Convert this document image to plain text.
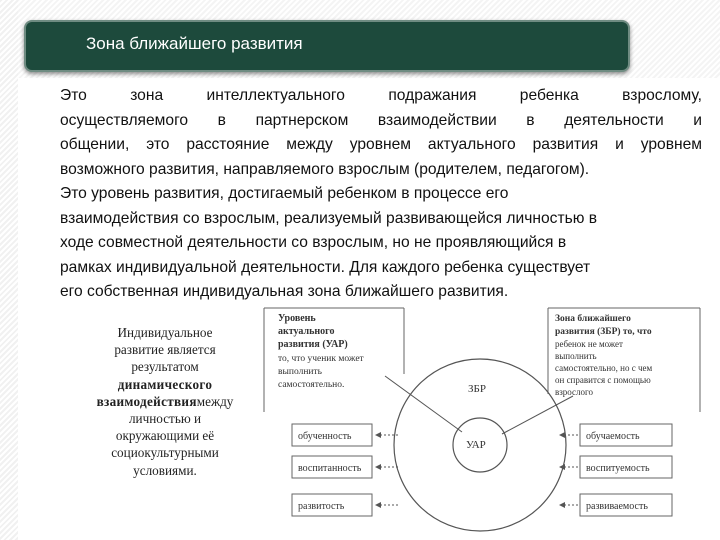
Зона ближайшего развития
Это зона интеллектуального подражания ребенка взрослому,
осуществляемого в партнерском взаимодействии в деятельности и
общении, это расстояние между уровнем актуального развития и уровнем
возможного развития, направляемого взрослым (родителем, педагогом).
Это уровень развития, достигаемый ребенком в процессе его
взаимодействия со взрослым, реализуемый развивающейся личностью в
ходе совместной деятельности со взрослым, но не проявляющийся в
рамках индивидуальной деятельности. Для каждого ребенка существует
его собственная индивидуальная зона ближайшего развития.
Индивидуальное
развитие является
результатом
динамического
взаимодействиямежду
личностью и
окружающими её
социокультурными
условиями.
Уровень
актуального
развития (УАР)
то, что ученик может
выполнить
самостоятельно.
Зона ближайшего
развития (ЗБР) то, что
ребенок не может
выполнить
самостоятельно, но с чем
он справится с помощью
взрослого
ЗБР
УАР
обученность
воспитанность
развитость
обучаемость
воспитуемость
развиваемость
